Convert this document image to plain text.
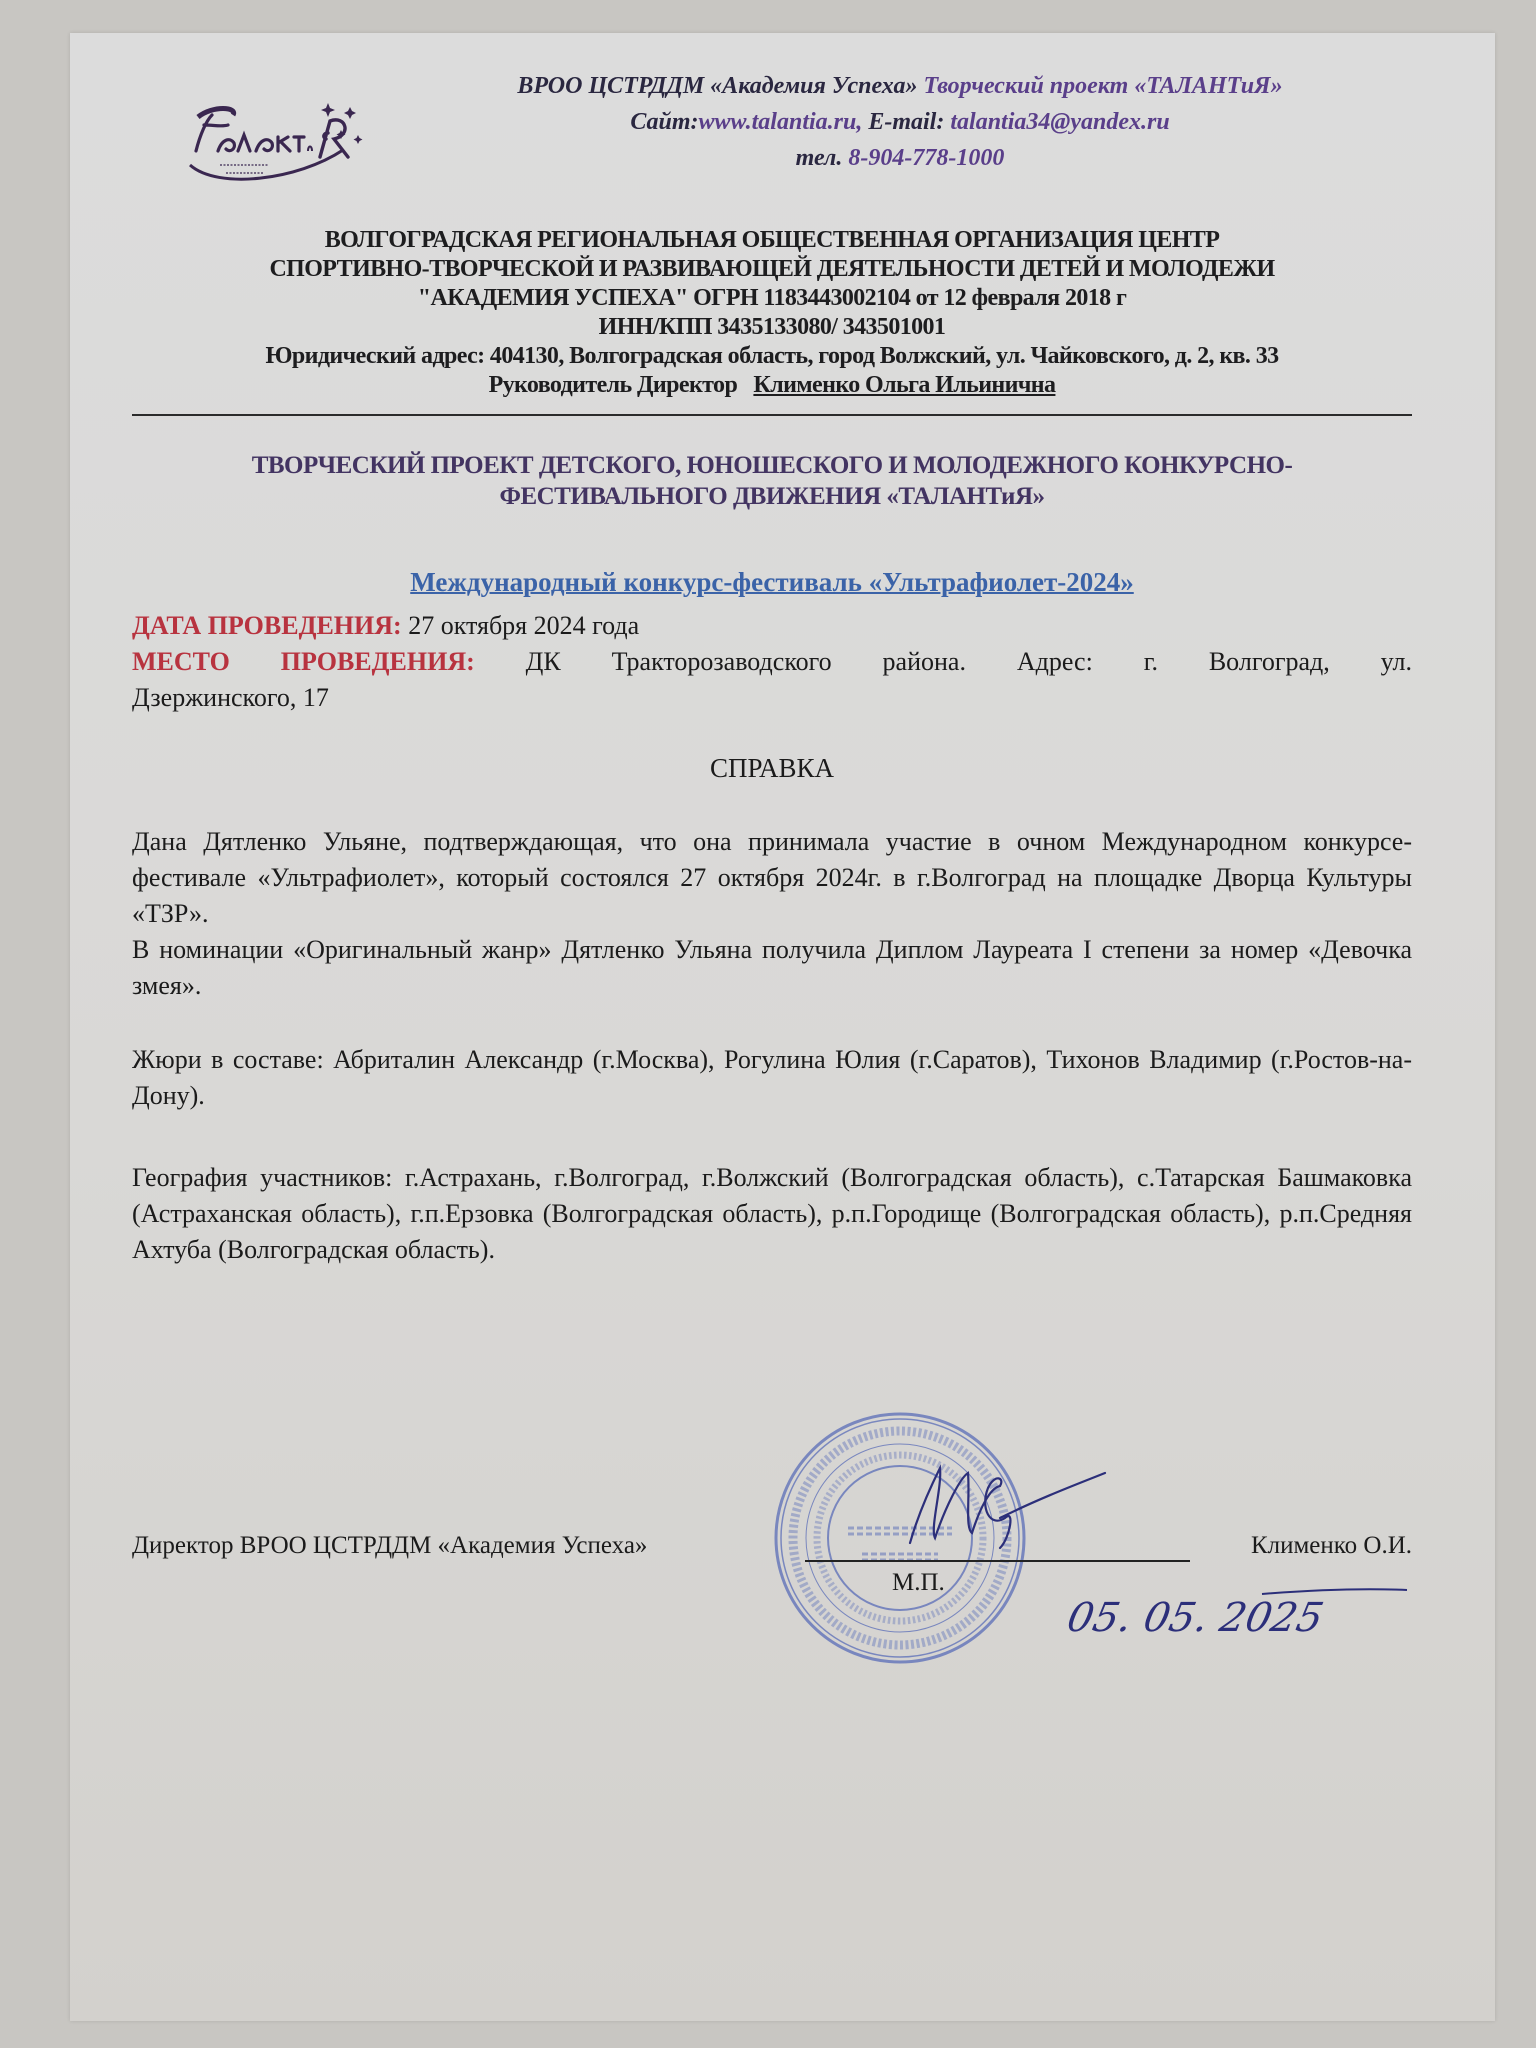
ВРОО ЦСТРДДМ «Академия Успеха» Творческий проект «ТАЛАНТиЯ»
Сайт:www.talantia.ru, E-mail: talantia34@yandex.ru
тел. 8-904-778-1000
ВОЛГОГРАДСКАЯ РЕГИОНАЛЬНАЯ ОБЩЕСТВЕННАЯ ОРГАНИЗАЦИЯ ЦЕНТР
СПОРТИВНО-ТВОРЧЕСКОЙ И РАЗВИВАЮЩЕЙ ДЕЯТЕЛЬНОСТИ ДЕТЕЙ И МОЛОДЕЖИ
"АКАДЕМИЯ УСПЕХА" ОГРН 1183443002104 от 12 февраля 2018 г
ИНН/КПП 3435133080/ 343501001
Юридический адрес: 404130, Волгоградская область, город Волжский, ул. Чайковского, д. 2, кв. 33
Руководитель Директор Клименко Ольга Ильинична
ТВОРЧЕСКИЙ ПРОЕКТ ДЕТСКОГО, ЮНОШЕСКОГО И МОЛОДЕЖНОГО КОНКУРСНО-
ФЕСТИВАЛЬНОГО ДВИЖЕНИЯ «ТАЛАНТиЯ»
Международный конкурс-фестиваль «Ультрафиолет-2024»
ДАТА ПРОВЕДЕНИЯ: 27 октября 2024 года
МЕСТО ПРОВЕДЕНИЯ: ДК Тракторозаводского района. Адрес: г. Волгоград, ул.
Дзержинского, 17
СПРАВКА
Дана Дятленко Ульяне, подтверждающая, что она принимала участие в очном Международном конкурсе-фестивале «Ультрафиолет», который состоялся 27 октября 2024г. в г.Волгоград на площадке Дворца Культуры «ТЗР».
В номинации «Оригинальный жанр» Дятленко Ульяна получила Диплом Лауреата I степени за номер «Девочка змея».
Жюри в составе: Абриталин Александр (г.Москва), Рогулина Юлия (г.Саратов), Тихонов Владимир (г.Ростов-на-Дону).
География участников: г.Астрахань, г.Волгоград, г.Волжский (Волгоградская область), с.Татарская Башмаковка (Астраханская область), г.п.Ерзовка (Волгоградская область), р.п.Городище (Волгоградская область), р.п.Средняя Ахтуба (Волгоградская область).
Директор ВРОО ЦСТРДДМ «Академия Успеха»	Клименко О.И.
М.П.
05. 05. 2025
